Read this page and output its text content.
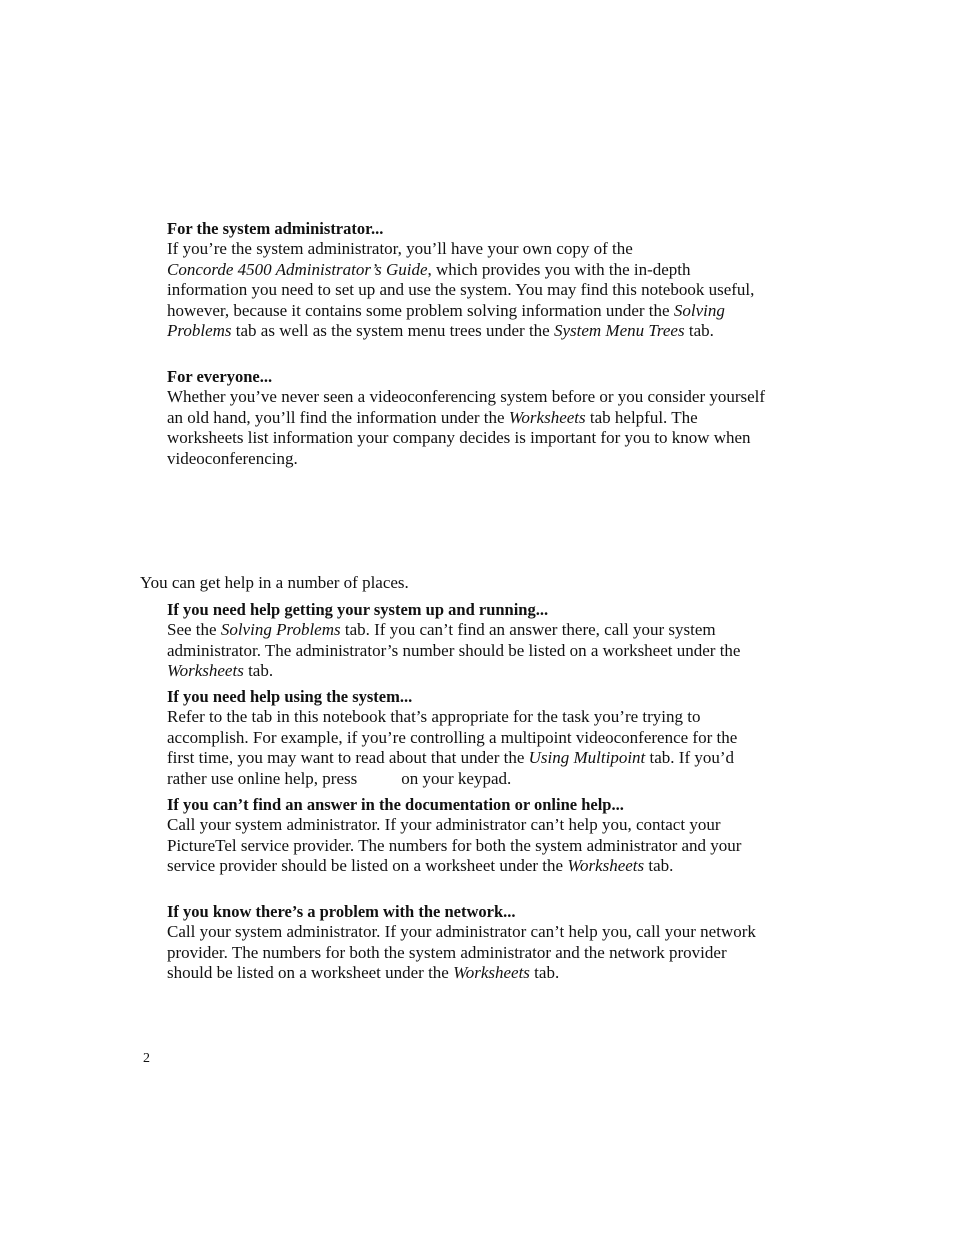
For the system administrator...

If you’re the system administrator, you’ll have your own copy of the
Concorde 4500 Administrator’s Guide, which provides you with the in-depth information you need to set up and use the system. You may find this notebook useful, however, because it contains some problem solving information under the Solving Problems tab as well as the system menu trees under the System Menu Trees tab.

For everyone...

Whether you’ve never seen a videoconferencing system before or you consider yourself an old hand, you’ll find the information under the Worksheets tab helpful. The worksheets list information your company decides is important for you to know when videoconferencing.

You can get help in a number of places.
If you need help getting your system up and running...

See the Solving Problems tab. If you can’t find an answer there, call your system administrator. The administrator’s number should be listed on a worksheet under the Worksheets tab.

If you need help using the system...

Refer to the tab in this notebook that’s appropriate for the task you’re trying to accomplish. For example, if you’re controlling a multipoint videoconference for the first time, you may want to read about that under the Using Multipoint tab. If you’d rather use online help, press	on your keypad.

If you can’t find an answer in the documentation or online help...

Call your system administrator. If your administrator can’t help you, contact your PictureTel service provider. The numbers for both the system administrator and your service provider should be listed on a worksheet under the Worksheets tab.

If you know there’s a problem with the network...

Call your system administrator. If your administrator can’t help you, call your network provider. The numbers for both the system administrator and the network provider should be listed on a worksheet under the Worksheets tab.

2
